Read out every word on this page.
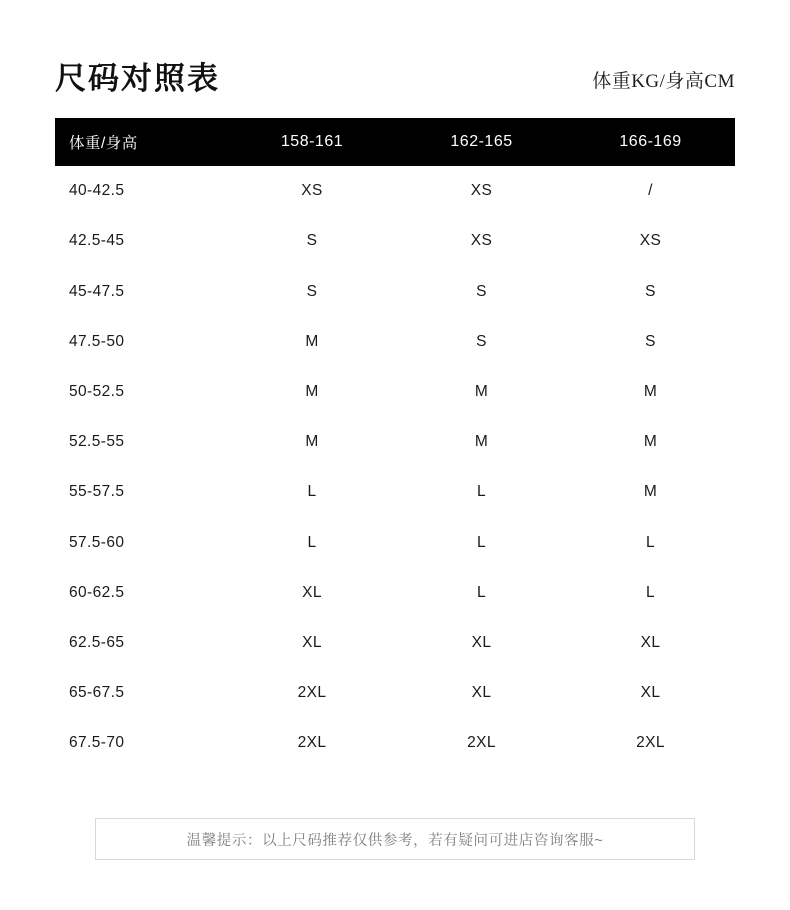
尺码对照表	体重KG/身高CM
体重/身高	158-161	162-165	166-169
40-42.5	XS	XS	/
42.5-45	S	XS	XS
45-47.5	S	S	S
47.5-50	M	S	S
50-52.5	M	M	M
52.5-55	M	M	M
55-57.5	L	L	M
57.5-60	L	L	L
60-62.5	XL	L	L
62.5-65	XL	XL	XL
65-67.5	2XL	XL	XL
67.5-70	2XL	2XL	2XL
温馨提示：以上尺码推荐仅供参考，若有疑问可进店咨询客服~
